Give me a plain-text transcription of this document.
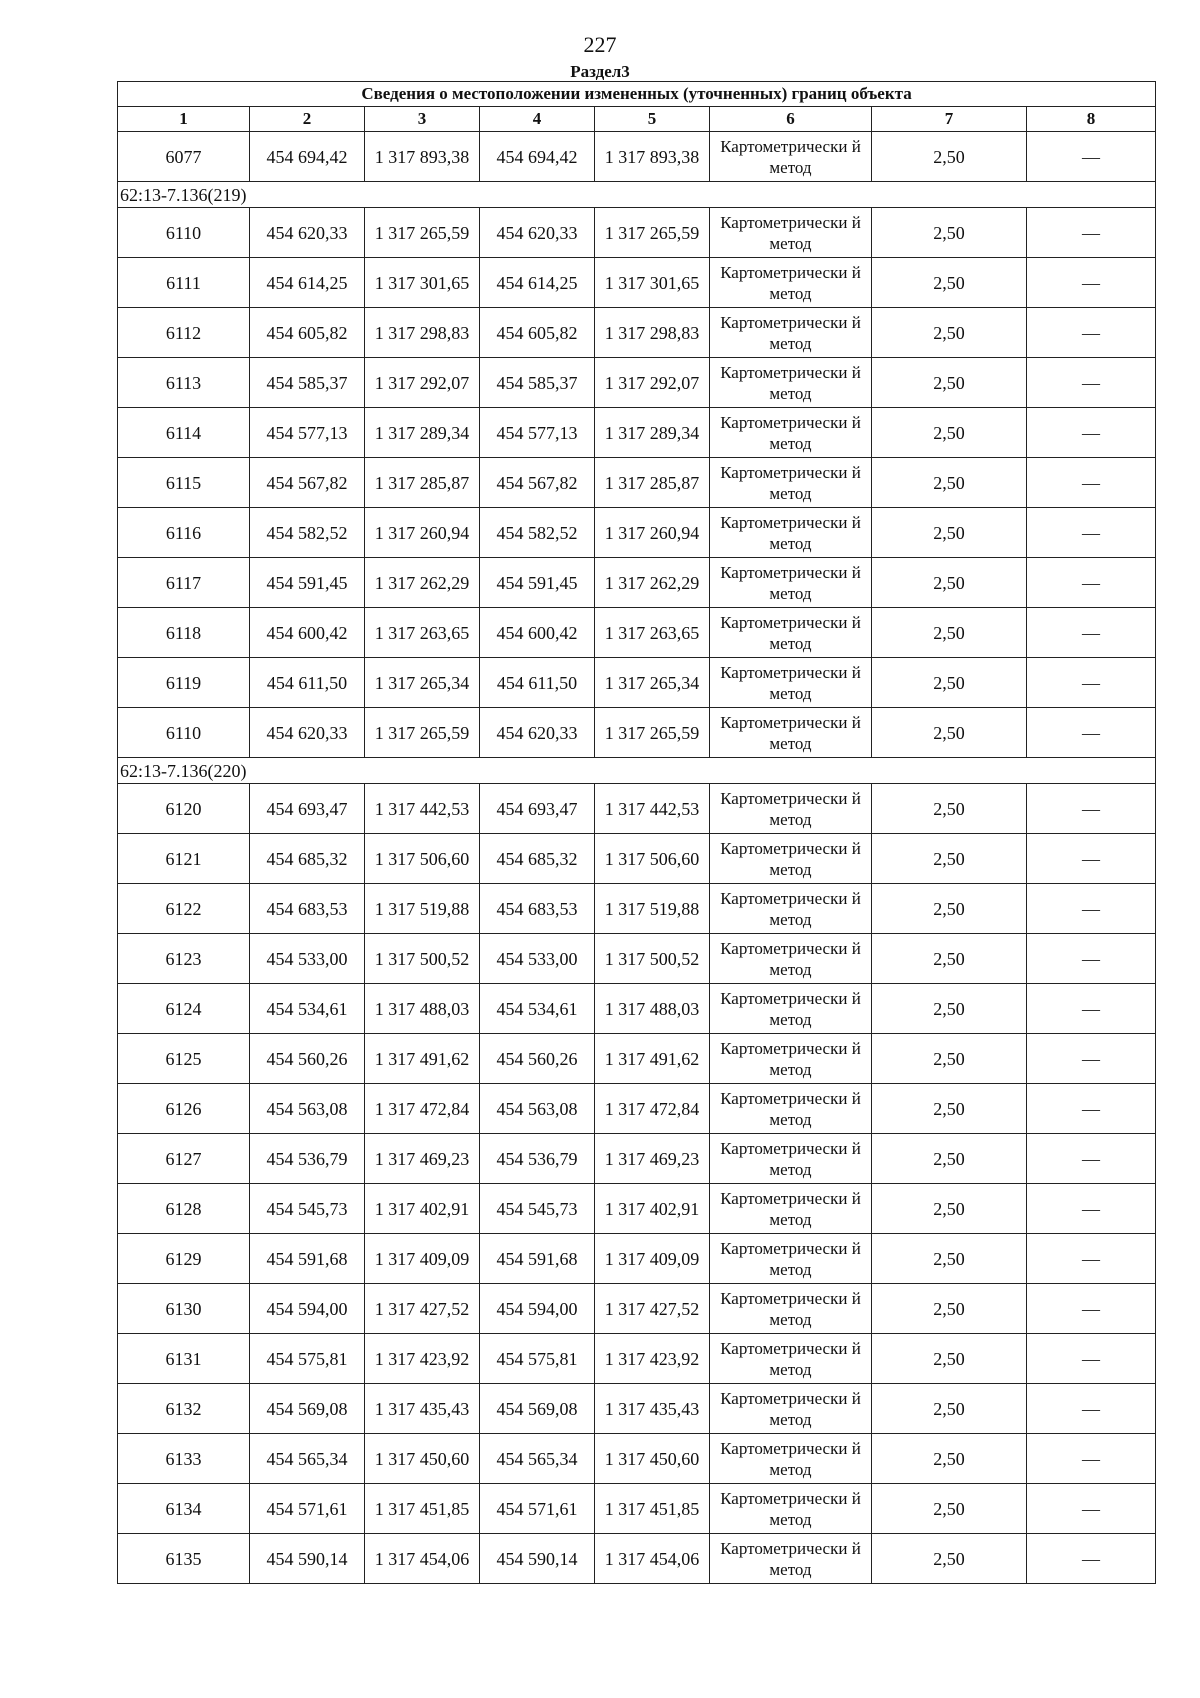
227
Раздел3
Сведения о местоположении измененных (уточненных) границ объекта							
1	2	3	4	5	6	7	8
6077	454 694,42	1 317 893,38	454 694,42	1 317 893,38	Картометрически й метод	2,50	—
62:13-7.136(219)							
6110	454 620,33	1 317 265,59	454 620,33	1 317 265,59	Картометрически й метод	2,50	—
6111	454 614,25	1 317 301,65	454 614,25	1 317 301,65	Картометрически й метод	2,50	—
6112	454 605,82	1 317 298,83	454 605,82	1 317 298,83	Картометрически й метод	2,50	—
6113	454 585,37	1 317 292,07	454 585,37	1 317 292,07	Картометрически й метод	2,50	—
6114	454 577,13	1 317 289,34	454 577,13	1 317 289,34	Картометрически й метод	2,50	—
6115	454 567,82	1 317 285,87	454 567,82	1 317 285,87	Картометрически й метод	2,50	—
6116	454 582,52	1 317 260,94	454 582,52	1 317 260,94	Картометрически й метод	2,50	—
6117	454 591,45	1 317 262,29	454 591,45	1 317 262,29	Картометрически й метод	2,50	—
6118	454 600,42	1 317 263,65	454 600,42	1 317 263,65	Картометрически й метод	2,50	—
6119	454 611,50	1 317 265,34	454 611,50	1 317 265,34	Картометрически й метод	2,50	—
6110	454 620,33	1 317 265,59	454 620,33	1 317 265,59	Картометрически й метод	2,50	—
62:13-7.136(220)							
6120	454 693,47	1 317 442,53	454 693,47	1 317 442,53	Картометрически й метод	2,50	—
6121	454 685,32	1 317 506,60	454 685,32	1 317 506,60	Картометрически й метод	2,50	—
6122	454 683,53	1 317 519,88	454 683,53	1 317 519,88	Картометрически й метод	2,50	—
6123	454 533,00	1 317 500,52	454 533,00	1 317 500,52	Картометрически й метод	2,50	—
6124	454 534,61	1 317 488,03	454 534,61	1 317 488,03	Картометрически й метод	2,50	—
6125	454 560,26	1 317 491,62	454 560,26	1 317 491,62	Картометрически й метод	2,50	—
6126	454 563,08	1 317 472,84	454 563,08	1 317 472,84	Картометрически й метод	2,50	—
6127	454 536,79	1 317 469,23	454 536,79	1 317 469,23	Картометрически й метод	2,50	—
6128	454 545,73	1 317 402,91	454 545,73	1 317 402,91	Картометрически й метод	2,50	—
6129	454 591,68	1 317 409,09	454 591,68	1 317 409,09	Картометрически й метод	2,50	—
6130	454 594,00	1 317 427,52	454 594,00	1 317 427,52	Картометрически й метод	2,50	—
6131	454 575,81	1 317 423,92	454 575,81	1 317 423,92	Картометрически й метод	2,50	—
6132	454 569,08	1 317 435,43	454 569,08	1 317 435,43	Картометрически й метод	2,50	—
6133	454 565,34	1 317 450,60	454 565,34	1 317 450,60	Картометрически й метод	2,50	—
6134	454 571,61	1 317 451,85	454 571,61	1 317 451,85	Картометрически й метод	2,50	—
6135	454 590,14	1 317 454,06	454 590,14	1 317 454,06	Картометрически й метод	2,50	—
